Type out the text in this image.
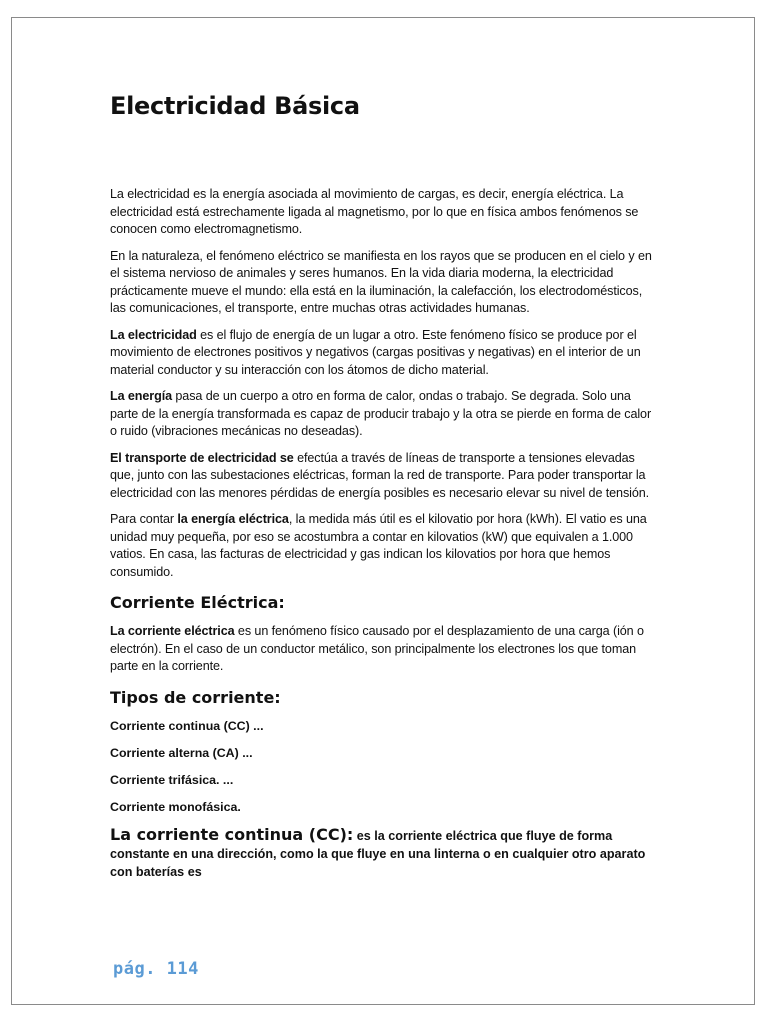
Electricidad Básica

La electricidad es la energía asociada al movimiento de cargas, es decir, energía eléctrica. La electricidad está estrechamente ligada al magnetismo, por lo que en física ambos fenómenos se conocen como electromagnetismo.

En la naturaleza, el fenómeno eléctrico se manifiesta en los rayos que se producen en el cielo y en el sistema nervioso de animales y seres humanos. En la vida diaria moderna, la electricidad prácticamente mueve el mundo: ella está en la iluminación, la calefacción, los electrodomésticos, las comunicaciones, el transporte, entre muchas otras actividades humanas.

La electricidad es el flujo de energía de un lugar a otro. Este fenómeno físico se produce por el movimiento de electrones positivos y negativos (cargas positivas y negativas) en el interior de un material conductor y su interacción con los átomos de dicho material.

La energía pasa de un cuerpo a otro en forma de calor, ondas o trabajo. Se degrada. Solo una parte de la energía transformada es capaz de producir trabajo y la otra se pierde en forma de calor o ruido (vibraciones mecánicas no deseadas).

El transporte de electricidad se efectúa a través de líneas de transporte a tensiones elevadas que, junto con las subestaciones eléctricas, forman la red de transporte. Para poder transportar la electricidad con las menores pérdidas de energía posibles es necesario elevar su nivel de tensión.

Para contar la energía eléctrica, la medida más útil es el kilovatio por hora (kWh). El vatio es una unidad muy pequeña, por eso se acostumbra a contar en kilovatios (kW) que equivalen a 1.000 vatios. En casa, las facturas de electricidad y gas indican los kilovatios por hora que hemos consumido.

Corriente Eléctrica:

La corriente eléctrica es un fenómeno físico causado por el desplazamiento de una carga (ión o electrón). En el caso de un conductor metálico, son principalmente los electrones los que toman parte en la corriente.

Tipos de corriente:

Corriente continua (CC) ...

Corriente alterna (CA) ...

Corriente trifásica. ...

Corriente monofásica.

La corriente continua (CC): es la corriente eléctrica que fluye de forma constante en una dirección, como la que fluye en una linterna o en cualquier otro aparato con baterías es

pág. 114
